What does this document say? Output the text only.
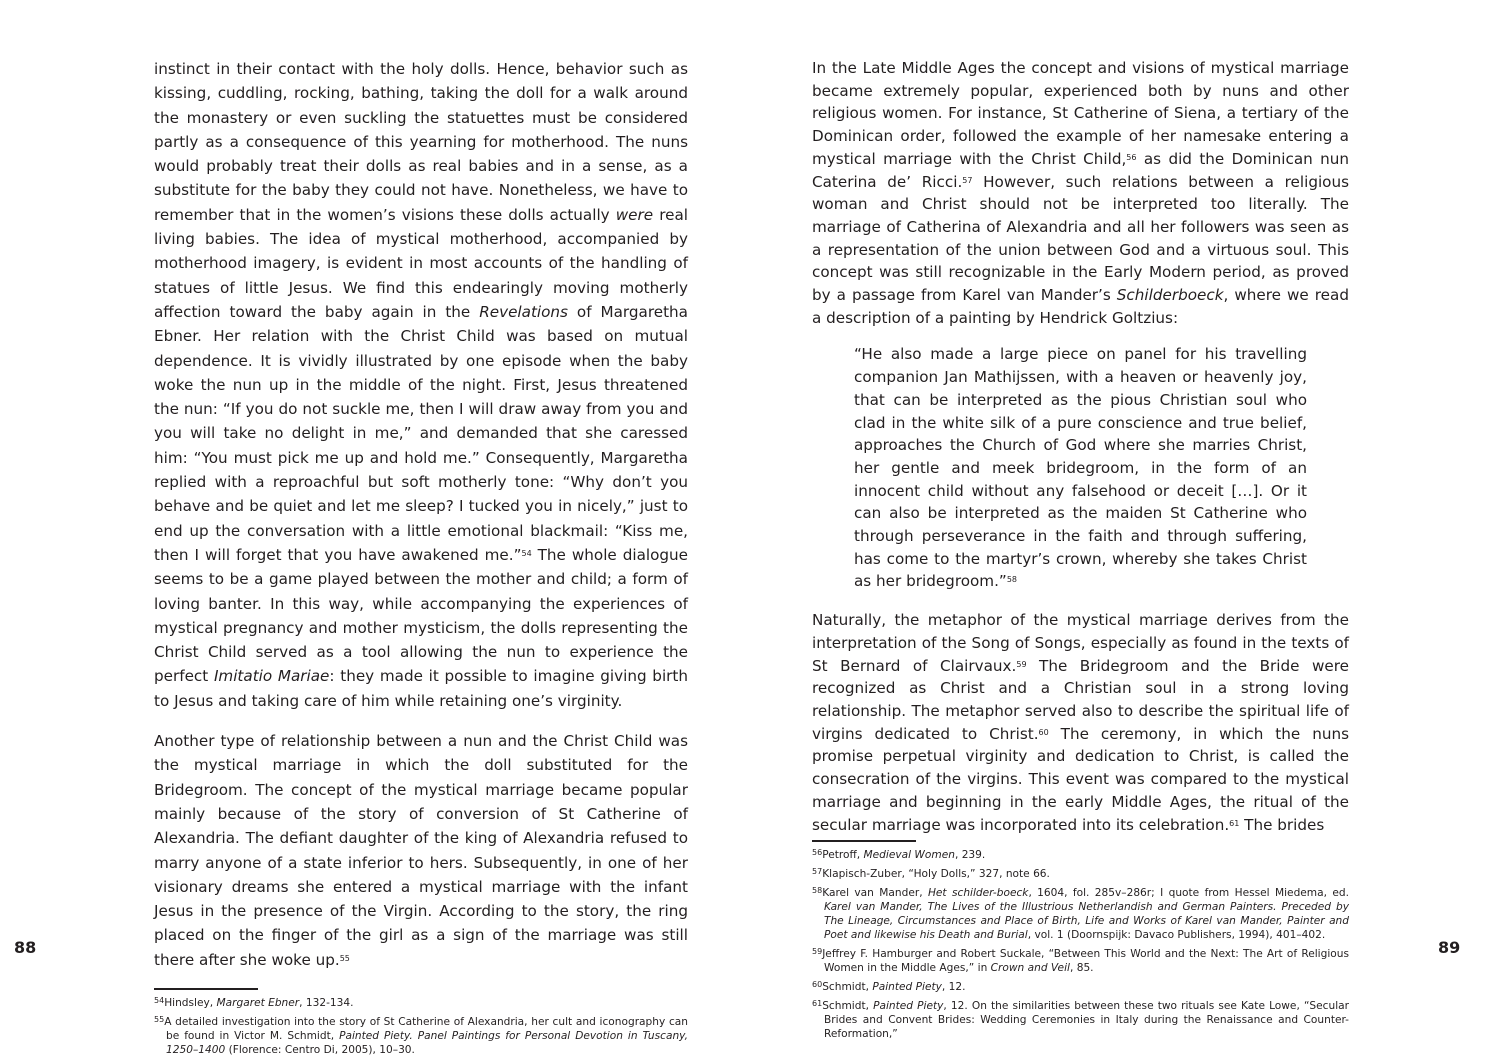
instinct in their contact with the holy dolls. Hence, behavior such as kissing, cuddling, rocking, bathing, taking the doll for a walk around the monastery or even suckling the statuettes must be considered partly as a consequence of this yearning for motherhood. The nuns would probably treat their dolls as real babies and in a sense, as a substitute for the baby they could not have. Nonetheless, we have to remember that in the women’s visions these dolls actually were real living babies. The idea of mystical motherhood, accompanied by motherhood imagery, is evident in most accounts of the handling of statues of little Jesus. We find this endearingly moving motherly affection toward the baby again in the Revelations of Margaretha Ebner. Her relation with the Christ Child was based on mutual dependence. It is vividly illustrated by one episode when the baby woke the nun up in the middle of the night. First, Jesus threatened the nun: “If you do not suckle me, then I will draw away from you and you will take no delight in me,” and demanded that she caressed him: “You must pick me up and hold me.” Consequently, Margaretha replied with a reproachful but soft motherly tone: “Why don’t you behave and be quiet and let me sleep? I tucked you in nicely,” just to end up the conversation with a little emotional blackmail: “Kiss me, then I will forget that you have awakened me.”$^{54}$ The whole dialogue seems to be a game played between the mother and child; a form of loving banter. In this way, while accompanying the experiences of mystical pregnancy and mother mysticism, the dolls representing the Christ Child served as a tool allowing the nun to experience the perfect Imitatio Mariae: they made it possible to imagine giving birth to Jesus and taking care of him while retaining one’s virginity.

Another type of relationship between a nun and the Christ Child was the mystical marriage in which the doll substituted for the Bridegroom. The concept of the mystical marriage became popular mainly because of the story of conversion of St Catherine of Alexandria. The defiant daughter of the king of Alexandria refused to marry anyone of a state inferior to hers. Subsequently, in one of her visionary dreams she entered a mystical marriage with the infant Jesus in the presence of the Virgin. According to the story, the ring placed on the finger of the girl as a sign of the marriage was still there after she woke up.$^{55}$

$^{54}$Hindsley, Margaret Ebner, 132-134.
$^{55}$A detailed investigation into the story of St Catherine of Alexandria, her cult and iconography can be found in Victor M. Schmidt, Painted Piety. Panel Paintings for Personal Devotion in Tuscany, 1250–1400 (Florence: Centro Di, 2005), 10–30.
88

In the Late Middle Ages the concept and visions of mystical marriage became extremely popular, experienced both by nuns and other religious women. For instance, St Catherine of Siena, a tertiary of the Dominican order, followed the example of her namesake entering a mystical marriage with the Christ Child,$^{56}$ as did the Dominican nun Caterina de’ Ricci.$^{57}$ However, such relations between a religious woman and Christ should not be interpreted too literally. The marriage of Catherina of Alexandria and all her followers was seen as a representation of the union between God and a virtuous soul. This concept was still recognizable in the Early Modern period, as proved by a passage from Karel van Mander’s Schilderboeck, where we read a description of a painting by Hendrick Goltzius:

“He also made a large piece on panel for his travelling companion Jan Mathijssen, with a heaven or heavenly joy, that can be interpreted as the pious Christian soul who clad in the white silk of a pure conscience and true belief, approaches the Church of God where she marries Christ, her gentle and meek bridegroom, in the form of an innocent child without any falsehood or deceit […]. Or it can also be interpreted as the maiden St Catherine who through perseverance in the faith and through suffering, has come to the martyr’s crown, whereby she takes Christ as her bridegroom.”$^{58}$

Naturally, the metaphor of the mystical marriage derives from the interpretation of the Song of Songs, especially as found in the texts of St Bernard of Clairvaux.$^{59}$ The Bridegroom and the Bride were recognized as Christ and a Christian soul in a strong loving relationship. The metaphor served also to describe the spiritual life of virgins dedicated to Christ.$^{60}$ The ceremony, in which the nuns promise perpetual virginity and dedication to Christ, is called the consecration of the virgins. This event was compared to the mystical marriage and beginning in the early Middle Ages, the ritual of the secular marriage was incorporated into its celebration.$^{61}$ The brides

$^{56}$Petroff, Medieval Women, 239.
$^{57}$Klapisch-Zuber, “Holy Dolls,” 327, note 66.
$^{58}$Karel van Mander, Het schilder-boeck, 1604, fol. 285v–286r; I quote from Hessel Miedema, ed. Karel van Mander, The Lives of the Illustrious Netherlandish and German Painters. Preceded by The Lineage, Circumstances and Place of Birth, Life and Works of Karel van Mander, Painter and Poet and likewise his Death and Burial, vol. 1 (Doornspijk: Davaco Publishers, 1994), 401–402.
$^{59}$Jeffrey F. Hamburger and Robert Suckale, “Between This World and the Next: The Art of Religious Women in the Middle Ages,” in Crown and Veil, 85.
$^{60}$Schmidt, Painted Piety, 12.
$^{61}$Schmidt, Painted Piety, 12. On the similarities between these two rituals see Kate Lowe, “Secular Brides and Convent Brides: Wedding Ceremonies in Italy during the Renaissance and Counter-Reformation,”
89
